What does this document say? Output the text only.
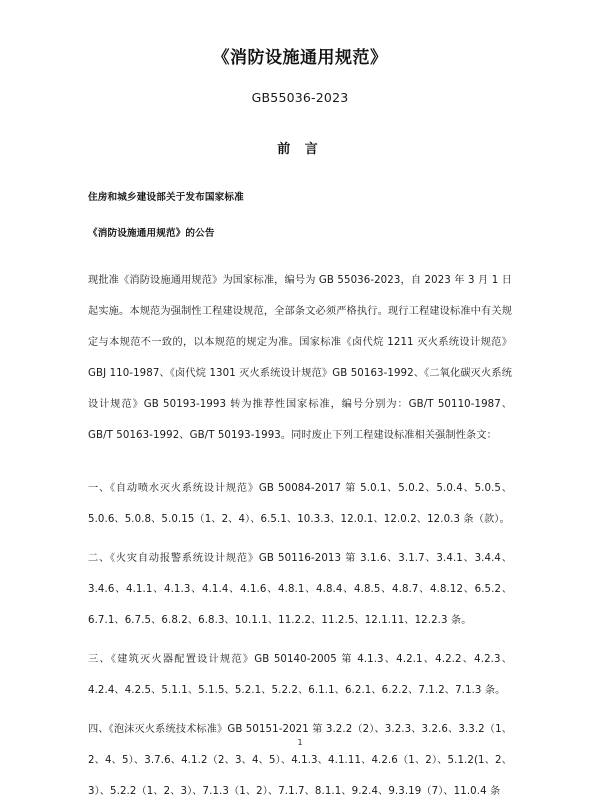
《消防设施通用规范》
GB55036-2023
前 言
住房和城乡建设部关于发布国家标准
《消防设施通用规范》的公告

现批准《消防设施通用规范》为国家标准，编号为 GB 55036-2023，自 2023 年 3 月 1 日起实施。本规范为强制性工程建设规范，全部条文必须严格执行。现行工程建设标准中有关规定与本规范不一致的，以本规范的规定为准。国家标准《卤代烷 1211 灭火系统设计规范》GBJ 110-1987、《卤代烷 1301 灭火系统设计规范》GB 50163-1992、《二氧化碳灭火系统设计规范》GB 50193-1993 转为推荐性国家标准，编号分别为：GB/T 50110-1987、GB/T 50163-1992、GB/T 50193-1993。同时废止下列工程建设标准相关强制性条文：

一、《自动喷水灭火系统设计规范》GB 50084-2017 第 5.0.1、5.0.2、5.0.4、5.0.5、5.0.6、5.0.8、5.0.15（1、2、4）、6.5.1、10.3.3、12.0.1、12.0.2、12.0.3 条（款）。

二、《火灾自动报警系统设计规范》GB 50116-2013 第 3.1.6、3.1.7、3.4.1、3.4.4、3.4.6、4.1.1、4.1.3、4.1.4、4.1.6、4.8.1、4.8.4、4.8.5、4.8.7、4.8.12、6.5.2、6.7.1、6.7.5、6.8.2、6.8.3、10.1.1、11.2.2、11.2.5、12.1.11、12.2.3 条。

三、《建筑灭火器配置设计规范》GB 50140-2005 第 4.1.3、4.2.1、4.2.2、4.2.3、4.2.4、4.2.5、5.1.1、5.1.5、5.2.1、5.2.2、6.1.1、6.2.1、6.2.2、7.1.2、7.1.3 条。

四、《泡沫灭火系统技术标准》GB 50151-2021 第 3.2.2（2）、3.2.3、3.2.6、3.3.2（1、2、4、5）、3.7.6、4.1.2（2、3、4、5）、4.1.3、4.1.11、4.2.6（1、2）、5.1.2(1、2、3）、5.2.2（1、2、3）、7.1.3（1、2）、7.1.7、8.1.1、9.2.4、9.3.19（7）、11.0.4 条

1
